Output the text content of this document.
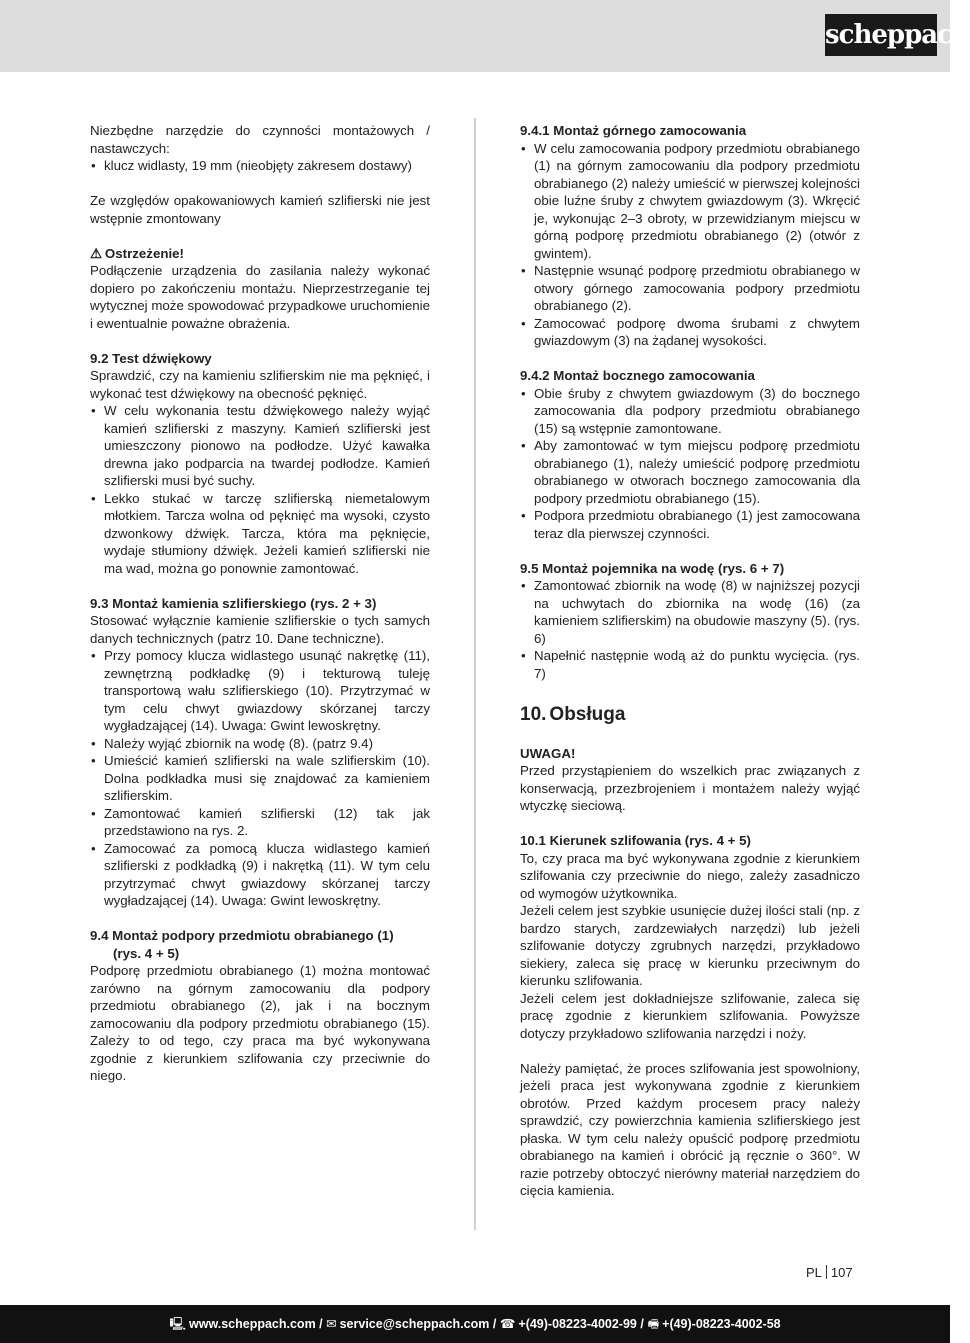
scheppach

Niezbędne narzędzie do czynności montażowych / nastawczych:

• klucz widlasty, 19 mm (nieobjęty zakresem dostawy)

Ze względów opakowaniowych kamień szlifierski nie jest wstępnie zmontowany

⚠ Ostrzeżenie!

Podłączenie urządzenia do zasilania należy wykonać dopiero po zakończeniu montażu. Nieprzestrzeganie tej wytycznej może spowodować przypadkowe uruchomienie i ewentualnie poważne obrażenia.

9.2 Test dźwiękowy

Sprawdzić, czy na kamieniu szlifierskim nie ma pęknięć, i wykonać test dźwiękowy na obecność pęknięć.

• W celu wykonania testu dźwiękowego należy wyjąć kamień szlifierski z maszyny. Kamień szlifierski jest umieszczony pionowo na podłodze. Użyć kawałka drewna jako podparcia na twardej podłodze. Kamień szlifierski musi być suchy.
• Lekko stukać w tarczę szlifierską niemetalowym młotkiem. Tarcza wolna od pęknięć ma wysoki, czysto dzwonkowy dźwięk. Tarcza, która ma pęknięcie, wydaje stłumiony dźwięk. Jeżeli kamień szlifierski nie ma wad, można go ponownie zamontować.

9.3 Montaż kamienia szlifierskiego (rys. 2 + 3)

Stosować wyłącznie kamienie szlifierskie o tych samych danych technicznych (patrz 10. Dane techniczne).

• Przy pomocy klucza widlastego usunąć nakrętkę (11), zewnętrzną podkładkę (9) i tekturową tuleję transportową wału szlifierskiego (10). Przytrzymać w tym celu chwyt gwiazdowy skórzanej tarczy wygładzającej (14). Uwaga: Gwint lewoskrętny.
• Należy wyjąć zbiornik na wodę (8). (patrz 9.4)
• Umieścić kamień szlifierski na wale szlifierskim (10). Dolna podkładka musi się znajdować za kamieniem szlifierskim.
• Zamontować kamień szlifierski (12) tak jak przedstawiono na rys. 2.
• Zamocować za pomocą klucza widlastego kamień szlifierski z podkładką (9) i nakrętką (11). W tym celu przytrzymać chwyt gwiazdowy skórzanej tarczy wygładzającej (14). Uwaga: Gwint lewoskrętny.

9.4 Montaż podpory przedmiotu obrabianego (1)

(rys. 4 + 5)

Podporę przedmiotu obrabianego (1) można montować zarówno na górnym zamocowaniu dla podpory przedmiotu obrabianego (2), jak i na bocznym zamocowaniu dla podpory przedmiotu obrabianego (15). Zależy to od tego, czy praca ma być wykonywana zgodnie z kierunkiem szlifowania czy przeciwnie do niego.

9.4.1 Montaż górnego zamocowania

• W celu zamocowania podpory przedmiotu obrabianego (1) na górnym zamocowaniu dla podpory przedmiotu obrabianego (2) należy umieścić w pierwszej kolejności obie luźne śruby z chwytem gwiazdowym (3). Wkręcić je, wykonując 2–3 obroty, w przewidzianym miejscu w górną podporę przedmiotu obrabianego (2) (otwór z gwintem).
• Następnie wsunąć podporę przedmiotu obrabianego w otwory górnego zamocowania podpory przedmiotu obrabianego (2).
• Zamocować podporę dwoma śrubami z chwytem gwiazdowym (3) na żądanej wysokości.

9.4.2 Montaż bocznego zamocowania

• Obie śruby z chwytem gwiazdowym (3) do bocznego zamocowania dla podpory przedmiotu obrabianego (15) są wstępnie zamontowane.
• Aby zamontować w tym miejscu podporę przedmiotu obrabianego (1), należy umieścić podporę przedmiotu obrabianego w otworach bocznego zamocowania dla podpory przedmiotu obrabianego (15).
• Podpora przedmiotu obrabianego (1) jest zamocowana teraz dla pierwszej czynności.

9.5 Montaż pojemnika na wodę (rys. 6 + 7)

• Zamontować zbiornik na wodę (8) w najniższej pozycji na uchwytach do zbiornika na wodę (16) (za kamieniem szlifierskim) na obudowie maszyny (5). (rys. 6)
• Napełnić następnie wodą aż do punktu wycięcia. (rys. 7)

10. Obsługa

UWAGA!

Przed przystąpieniem do wszelkich prac związanych z konserwacją, przezbrojeniem i montażem należy wyjąć wtyczkę sieciową.

10.1 Kierunek szlifowania (rys. 4 + 5)

To, czy praca ma być wykonywana zgodnie z kierunkiem szlifowania czy przeciwnie do niego, zależy zasadniczo od wymogów użytkownika.

Jeżeli celem jest szybkie usunięcie dużej ilości stali (np. z bardzo starych, zardzewiałych narzędzi) lub jeżeli szlifowanie dotyczy zgrubnych narzędzi, przykładowo siekiery, zaleca się pracę w kierunku przeciwnym do kierunku szlifowania.

Jeżeli celem jest dokładniejsze szlifowanie, zaleca się pracę zgodnie z kierunkiem szlifowania. Powyższe dotyczy przykładowo szlifowania narzędzi i noży.

Należy pamiętać, że proces szlifowania jest spowolniony, jeżeli praca jest wykonywana zgodnie z kierunkiem obrotów. Przed każdym procesem pracy należy sprawdzić, czy powierzchnia kamienia szlifierskiego jest płaska. W tym celu należy opuścić podporę przedmiotu obrabianego na kamień i obrócić ją ręcznie o 360°. W razie potrzeby obtoczyć nierówny materiał narzędziem do cięcia kamienia.

PL 107
🖳 www.scheppach.com / ✉ service@scheppach.com / ☎ +(49)-08223-4002-99 / 🖷 +(49)-08223-4002-58
